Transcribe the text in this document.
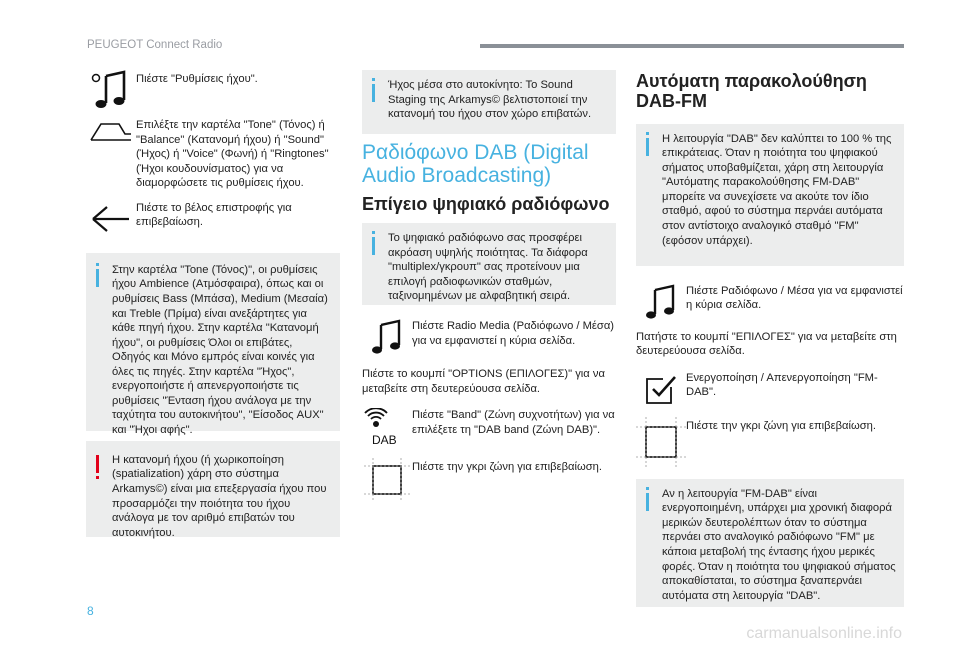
PEUGEOT Connect Radio
Πιέστε "Ρυθμίσεις ήχου".
Επιλέξτε την καρτέλα "Tone" (Τόνος) ή "Balance" (Κατανομή ήχου) ή "Sound" (Ήχος) ή "Voice" (Φωνή) ή "Ringtones" (Ήχοι κουδουνίσματος) για να διαμορφώσετε τις ρυθμίσεις ήχου.
Πιέστε το βέλος επιστροφής για επιβεβαίωση.
Στην καρτέλα "Tone (Τόνος)", οι ρυθμίσεις ήχου Ambience (Ατμόσφαιρα), όπως και οι ρυθμίσεις Bass (Μπάσα), Medium (Μεσαία) και Treble (Πρίμα) είναι ανεξάρτητες για κάθε πηγή ήχου. Στην καρτέλα "Κατανομή ήχου", οι ρυθμίσεις Όλοι οι επιβάτες, Οδηγός και Μόνο εμπρός είναι κοινές για όλες τις πηγές. Στην καρτέλα "Ήχος", ενεργοποιήστε ή απενεργοποιήστε τις ρυθμίσεις "Ένταση ήχου ανάλογα με την ταχύτητα του αυτοκινήτου", "Είσοδος AUX" και "Ήχοι αφής".
Η κατανομή ήχου (ή χωρικοποίηση (spatialization) χάρη στο σύστημα Arkamys©) είναι μια επεξεργασία ήχου που προσαρμόζει την ποιότητα του ήχου ανάλογα με τον αριθμό επιβατών του αυτοκινήτου.
Ήχος μέσα στο αυτοκίνητο: Το Sound Staging της Arkamys© βελτιστοποιεί την κατανομή του ήχου στον χώρο επιβατών.
Ραδιόφωνο DAB (Digital Audio Broadcasting)
Επίγειο ψηφιακό ραδιόφωνο
Το ψηφιακό ραδιόφωνο σας προσφέρει ακρόαση υψηλής ποιότητας. Τα διάφορα "multiplex/γκρουπ" σας προτείνουν μια επιλογή ραδιοφωνικών σταθμών, ταξινομημένων με αλφαβητική σειρά.
Πιέστε Radio Media (Ραδιόφωνο / Μέσα) για να εμφανιστεί η κύρια σελίδα.
Πιέστε το κουμπί "OPTIONS (ΕΠΙΛΟΓΕΣ)" για να μεταβείτε στη δευτερεύουσα σελίδα.
DAB
Πιέστε "Band" (Ζώνη συχνοτήτων) για να επιλέξετε τη "DAB band (Ζώνη DAB)".
Πιέστε την γκρι ζώνη για επιβεβαίωση.
Αυτόματη παρακολούθηση DAB-FM
Η λειτουργία "DAB" δεν καλύπτει το 100 % της επικράτειας. Όταν η ποιότητα του ψηφιακού σήματος υποβαθμίζεται, χάρη στη λειτουργία "Αυτόματης παρακολούθησης FM-DAB" μπορείτε να συνεχίσετε να ακούτε τον ίδιο σταθμό, αφού το σύστημα περνάει αυτόματα στον αντίστοιχο αναλογικό σταθμό "FM" (εφόσον υπάρχει).
Πιέστε Ραδιόφωνο / Μέσα για να εμφανιστεί η κύρια σελίδα.
Πατήστε το κουμπί "ΕΠΙΛΟΓΕΣ" για να μεταβείτε στη δευτερεύουσα σελίδα.
Ενεργοποίηση / Απενεργοποίηση "FM-DAB".
Πιέστε την γκρι ζώνη για επιβεβαίωση.
Αν η λειτουργία "FM-DAB" είναι ενεργοποιημένη, υπάρχει μια χρονική διαφορά μερικών δευτερολέπτων όταν το σύστημα περνάει στο αναλογικό ραδιόφωνο "FM" με κάποια μεταβολή της έντασης ήχου μερικές φορές. Όταν η ποιότητα του ψηφιακού σήματος αποκαθίσταται, το σύστημα ξαναπερνάει αυτόματα στη λειτουργία "DAB".
8
carmanualsonline.info
